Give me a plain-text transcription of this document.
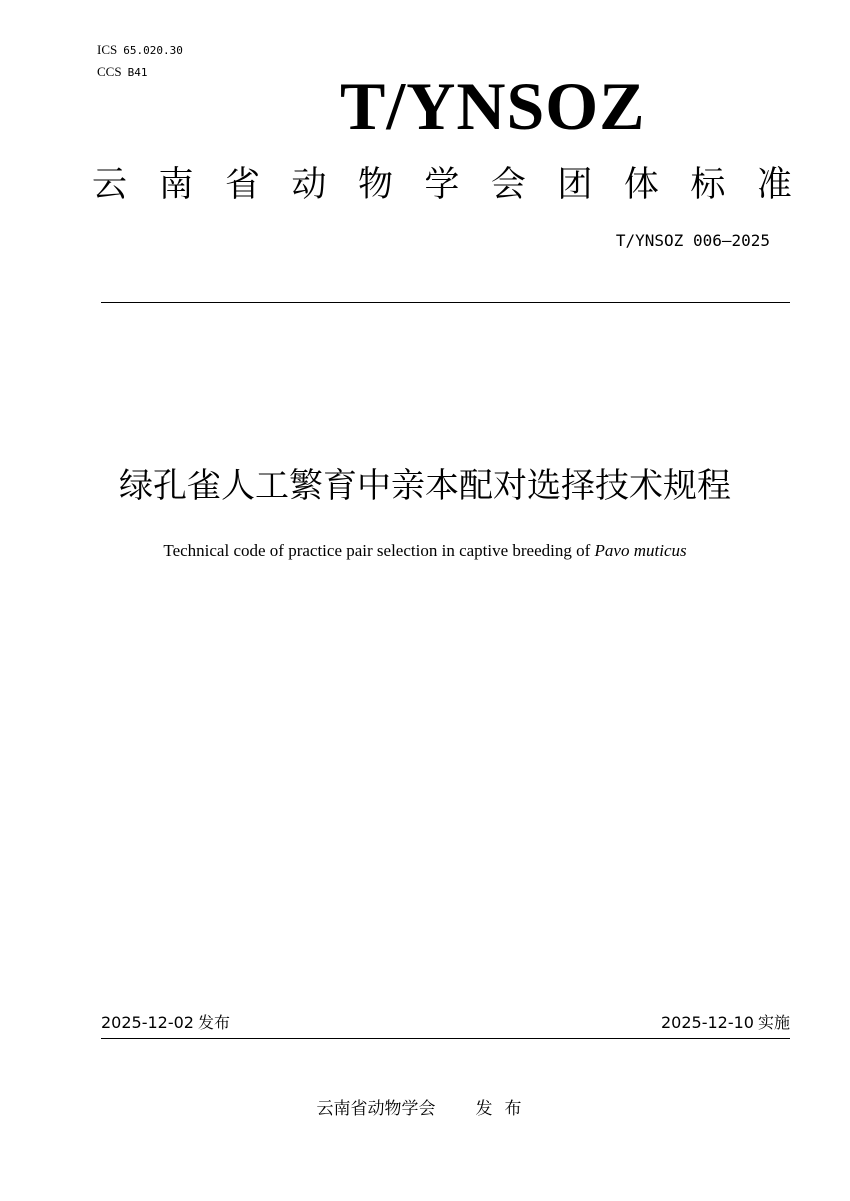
ICS 65.020.30
CCS B41	T/YNSOZ
云 南 省 动 物 学 会 团 体 标 准
T/YNSOZ 006—2025
绿孔雀人工繁育中亲本配对选择技术规程
Technical code of practice pair selection in captive breeding of Pavo muticus
2025-12-02 发布	2025-12-10 实施
云南省动物学会 发布
